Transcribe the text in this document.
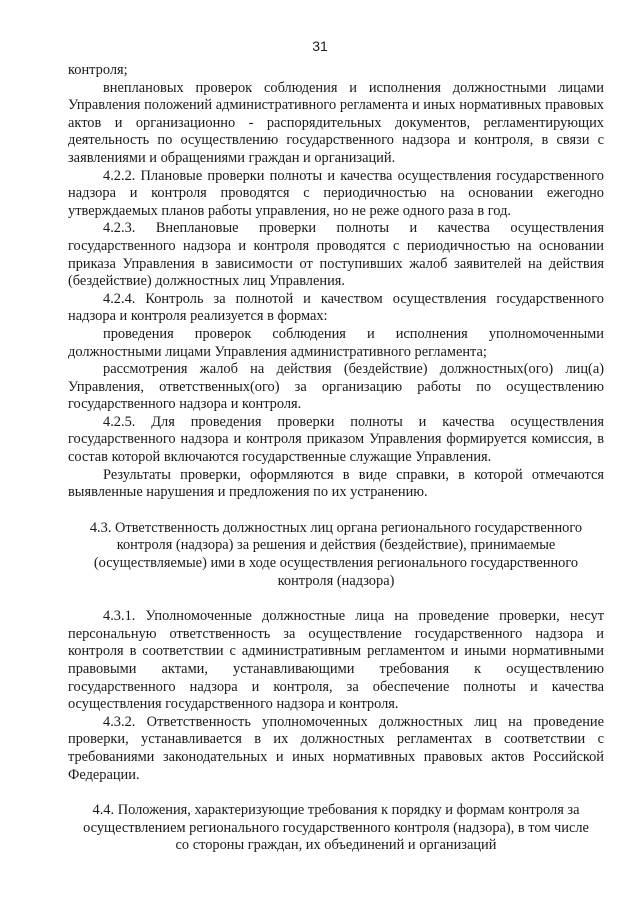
31

контроля;

внеплановых проверок соблюдения и исполнения должностными лицами Управления положений административного регламента и иных нормативных правовых актов и организационно - распорядительных документов, регламентирующих деятельность по осуществлению государственного надзора и контроля, в связи с заявлениями и обращениями граждан и организаций.

4.2.2. Плановые проверки полноты и качества осуществления государственного надзора и контроля проводятся с периодичностью на основании ежегодно утверждаемых планов работы управления, но не реже одного раза в год.

4.2.3. Внеплановые проверки полноты и качества осуществления государственного надзора и контроля проводятся с периодичностью на основании приказа Управления в зависимости от поступивших жалоб заявителей на действия (бездействие) должностных лиц Управления.

4.2.4. Контроль за полнотой и качеством осуществления государственного надзора и контроля реализуется в формах:

проведения проверок соблюдения и исполнения уполномоченными должностными лицами Управления административного регламента;

рассмотрения жалоб на действия (бездействие) должностных(ого) лиц(а) Управления, ответственных(ого) за организацию работы по осуществлению государственного надзора и контроля.

4.2.5. Для проведения проверки полноты и качества осуществления государственного надзора и контроля приказом Управления формируется комиссия, в состав которой включаются государственные служащие Управления.

Результаты проверки, оформляются в виде справки, в которой отмечаются выявленные нарушения и предложения по их устранению.

4.3. Ответственность должностных лиц органа регионального государственного контроля (надзора) за решения и действия (бездействие), принимаемые (осуществляемые) ими в ходе осуществления регионального государственного контроля (надзора)

4.3.1. Уполномоченные должностные лица на проведение проверки, несут персональную ответственность за осуществление государственного надзора и контроля в соответствии с административным регламентом и иными нормативными правовыми актами, устанавливающими требования к осуществлению государственного надзора и контроля, за обеспечение полноты и качества осуществления государственного надзора и контроля.

4.3.2. Ответственность уполномоченных должностных лиц на проведение проверки, устанавливается в их должностных регламентах в соответствии с требованиями законодательных и иных нормативных правовых актов Российской Федерации.

4.4. Положения, характеризующие требования к порядку и формам контроля за осуществлением регионального государственного контроля (надзора), в том числе со стороны граждан, их объединений и организаций
